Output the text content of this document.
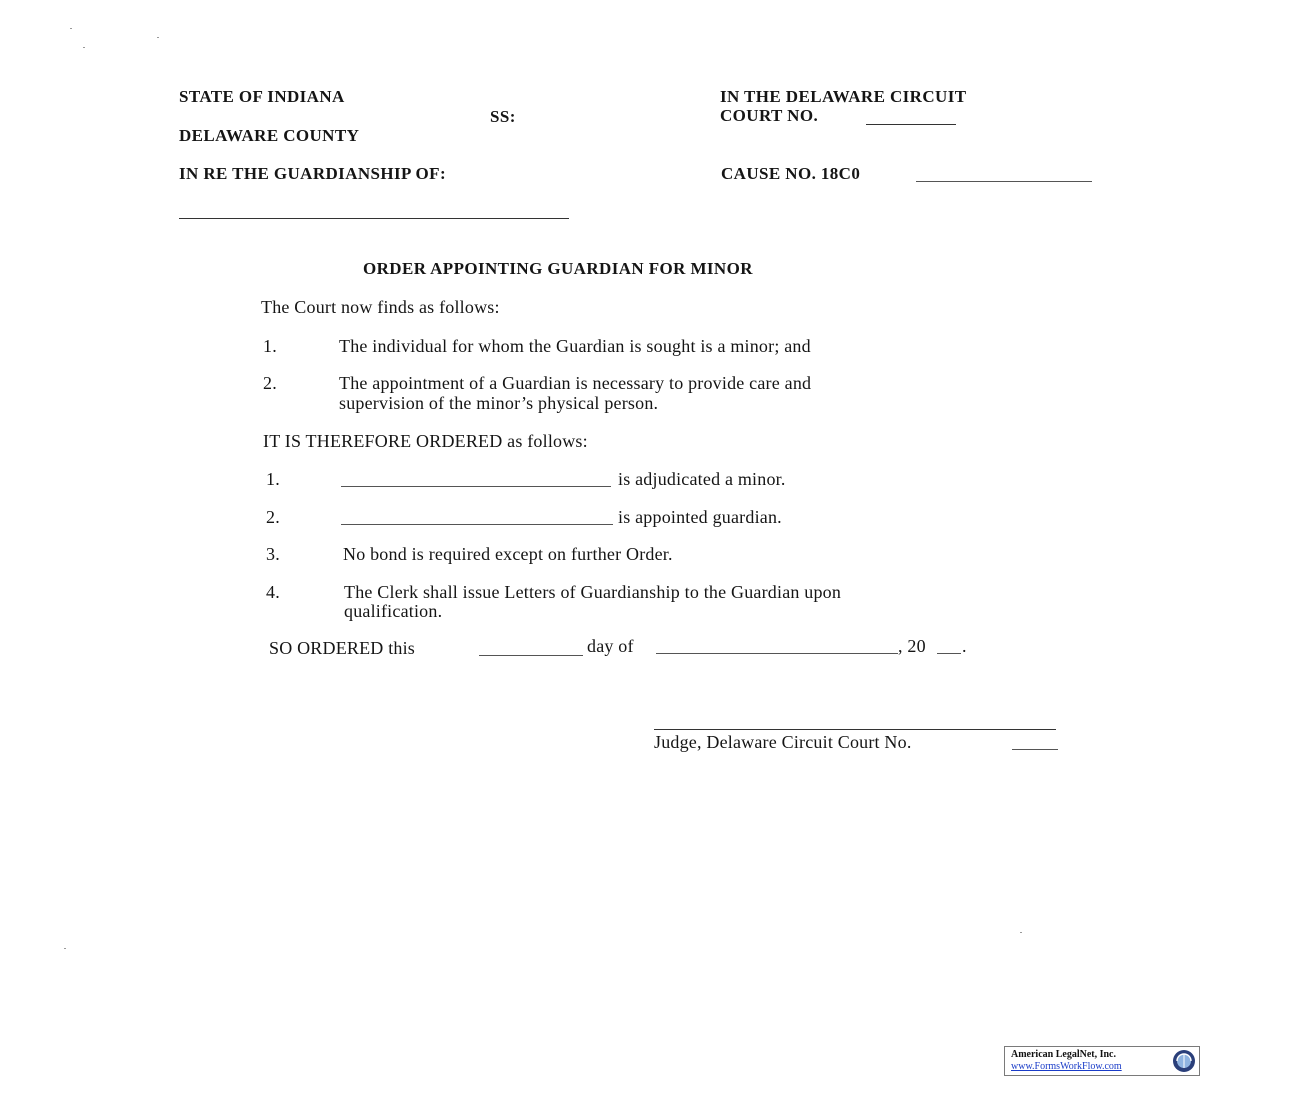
STATE OF INDIANA
SS:
DELAWARE COUNTY
IN THE DELAWARE CIRCUIT
COURT NO.
IN RE THE GUARDIANSHIP OF:	CAUSE NO. 18C0
ORDER APPOINTING GUARDIAN FOR MINOR
The Court now finds as follows:
1.	The individual for whom the Guardian is sought is a minor; and
2.	The appointment of a Guardian is necessary to provide care and
supervision of the minor’s physical person.
IT IS THEREFORE ORDERED as follows:
1.	is adjudicated a minor.
2.	is appointed guardian.
3.	No bond is required except on further Order.
4.	The Clerk shall issue Letters of Guardianship to the Guardian upon
qualification.
SO ORDERED this	day of	, 20 .
Judge, Delaware Circuit Court No.
American LegalNet, Inc.
www.FormsWorkFlow.com
